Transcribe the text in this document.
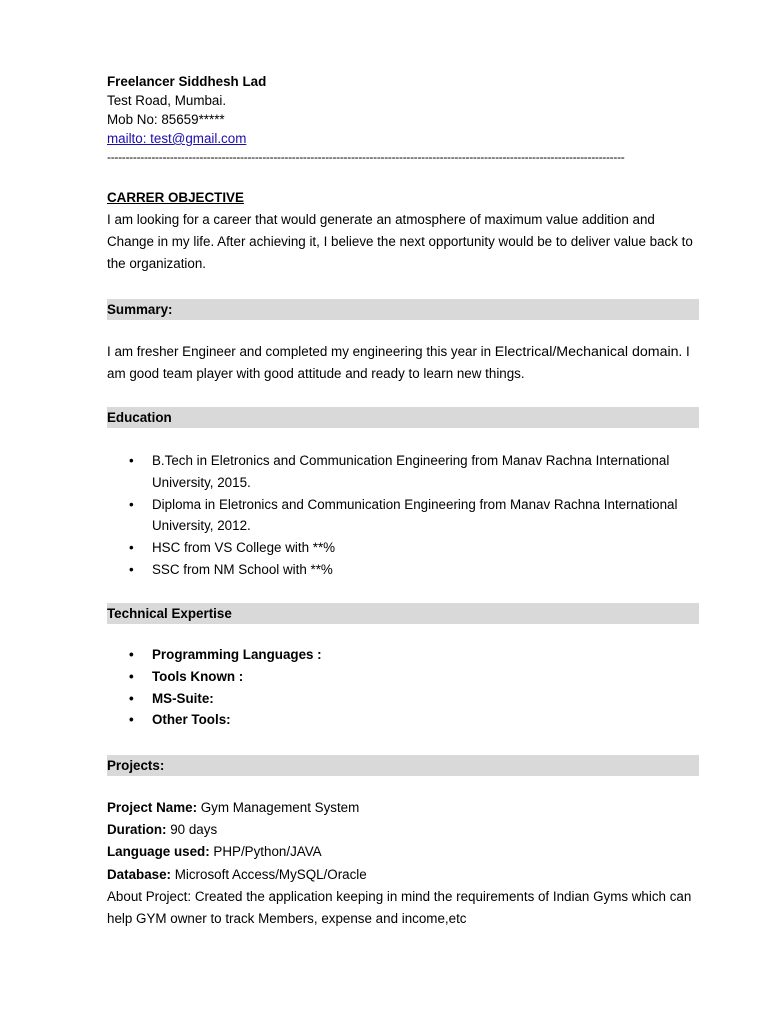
Freelancer Siddhesh Lad
Test Road, Mumbai.
Mob No: 85659*****
mailto: test@gmail.com
--------------------------------------------------------------------------------------------------------------------------------------------
CARRER OBJECTIVE
I am looking for a career that would generate an atmosphere of maximum value addition and Change in my life. After achieving it, I believe the next opportunity would be to deliver value back to the organization.
Summary:
I am fresher Engineer and completed my engineering this year in Electrical/Mechanical domain. I am good team player with good attitude and ready to learn new things.
Education
• B.Tech in Eletronics and Communication Engineering from Manav Rachna International University, 2015.
• Diploma in Eletronics and Communication Engineering from Manav Rachna International University, 2012.
• HSC from VS College with **%
• SSC from NM School with **%
Technical Expertise
• Programming Languages :
• Tools Known :
• MS-Suite:
• Other Tools:
Projects:
Project Name: Gym Management System
Duration: 90 days
Language used: PHP/Python/JAVA
Database: Microsoft Access/MySQL/Oracle
About Project: Created the application keeping in mind the requirements of Indian Gyms which can help GYM owner to track Members, expense and income,etc
